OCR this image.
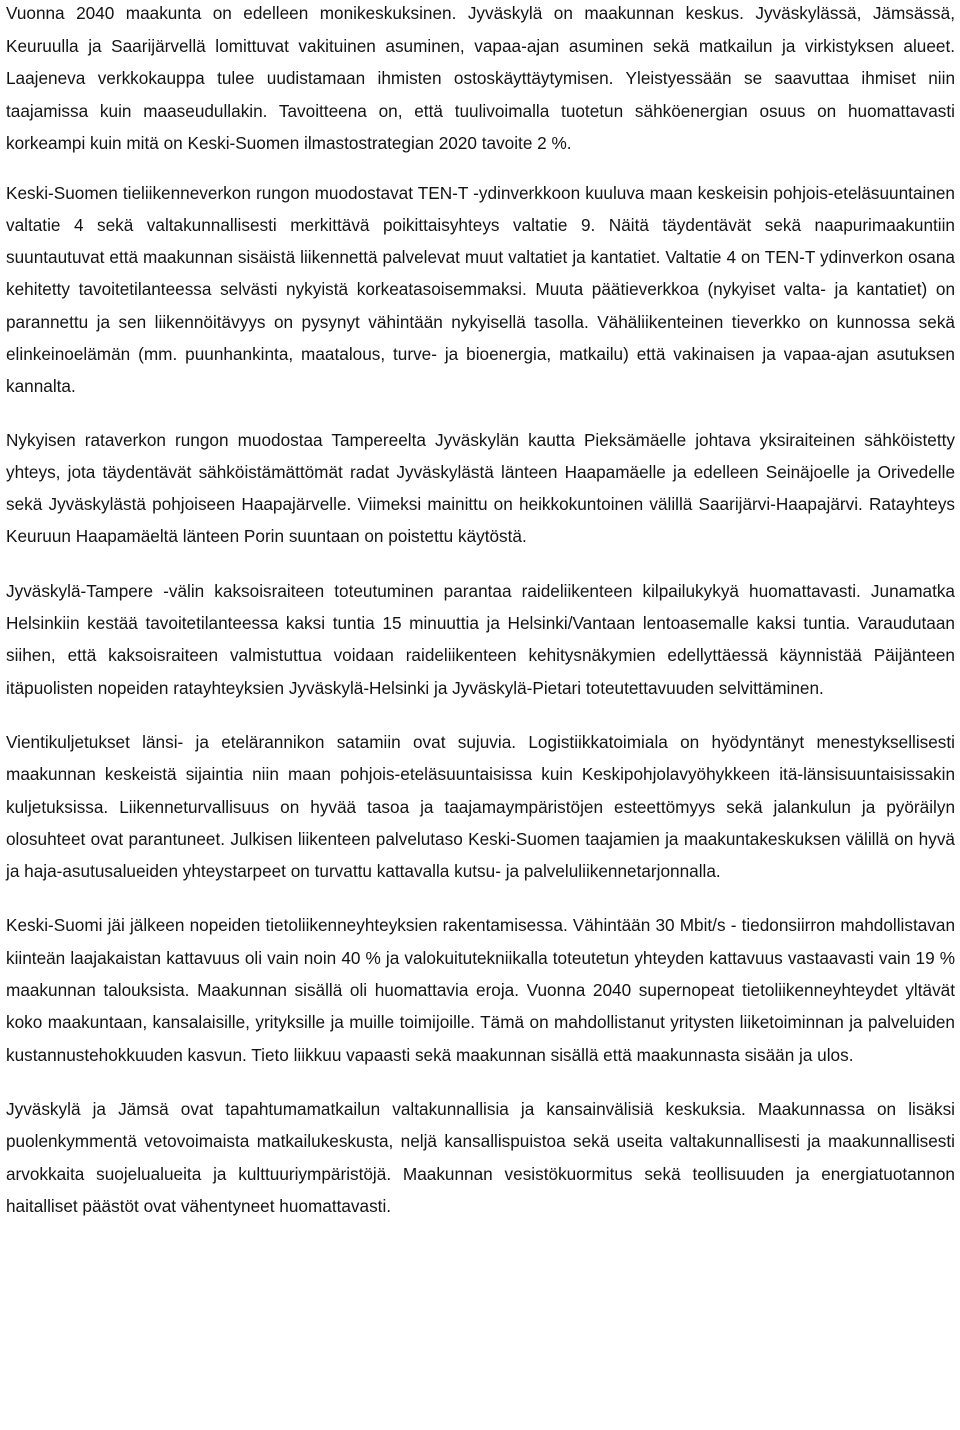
Vuonna 2040 maakunta on edelleen monikeskuksinen. Jyväskylä on maakunnan keskus. Jyväskylässä, Jämsässä, Keuruulla ja Saarijärvellä lomittuvat vakituinen asuminen, vapaa-ajan asuminen sekä matkailun ja virkistyksen alueet. Laajeneva verkkokauppa tulee uudistamaan ihmisten ostoskäyttäytymisen. Yleistyessään se saavuttaa ihmiset niin taajamissa kuin maaseudullakin. Tavoitteena on, että tuulivoimalla tuotetun sähköenergian osuus on huomattavasti korkeampi kuin mitä on Keski-Suomen ilmastostrategian 2020 tavoite 2 %.

Keski-Suomen tieliikenneverkon rungon muodostavat TEN-T -ydinverkkoon kuuluva maan keskeisin pohjois-eteläsuuntainen valtatie 4 sekä valtakunnallisesti merkittävä poikittaisyhteys valtatie 9. Näitä täydentävät sekä naapurimaakuntiin suuntautuvat että maakunnan sisäistä liikennettä palvelevat muut valtatiet ja kantatiet. Valtatie 4 on TEN-T ydinverkon osana kehitetty tavoitetilanteessa selvästi nykyistä korkeatasoisemmaksi. Muuta päätieverkkoa (nykyiset valta- ja kantatiet) on parannettu ja sen liikennöitävyys on pysynyt vähintään nykyisellä tasolla. Vähäliikenteinen tieverkko on kunnossa sekä elinkeinoelämän (mm. puunhankinta, maatalous, turve- ja bioenergia, matkailu) että vakinaisen ja vapaa-ajan asutuksen kannalta.

Nykyisen rataverkon rungon muodostaa Tampereelta Jyväskylän kautta Pieksämäelle johtava yksiraiteinen sähköistetty yhteys, jota täydentävät sähköistämättömät radat Jyväskylästä länteen Haapamäelle ja edelleen Seinäjoelle ja Orivedelle sekä Jyväskylästä pohjoiseen Haapajärvelle. Viimeksi mainittu on heikkokuntoinen välillä Saarijärvi-Haapajärvi. Ratayhteys Keuruun Haapamäeltä länteen Porin suuntaan on poistettu käytöstä.

Jyväskylä-Tampere -välin kaksoisraiteen toteutuminen parantaa raideliikenteen kilpailukykyä huomattavasti. Junamatka Helsinkiin kestää tavoitetilanteessa kaksi tuntia 15 minuuttia ja Helsinki/Vantaan lentoasemalle kaksi tuntia. Varaudutaan siihen, että kaksoisraiteen valmistuttua voidaan raideliikenteen kehitysnäkymien edellyttäessä käynnistää Päijänteen itäpuolisten nopeiden ratayhteyksien Jyväskylä-Helsinki ja Jyväskylä-Pietari toteutettavuuden selvittäminen.

Vientikuljetukset länsi- ja etelärannikon satamiin ovat sujuvia. Logistiikkatoimiala on hyödyntänyt menestyksellisesti maakunnan keskeistä sijaintia niin maan pohjois-eteläsuuntaisissa kuin Keskipohjolavyöhykkeen itä-länsisuuntaisissakin kuljetuksissa. Liikenneturvallisuus on hyvää tasoa ja taajamaympäristöjen esteettömyys sekä jalankulun ja pyöräilyn olosuhteet ovat parantuneet. Julkisen liikenteen palvelutaso Keski-Suomen taajamien ja maakuntakeskuksen välillä on hyvä ja haja-asutusalueiden yhteystarpeet on turvattu kattavalla kutsu- ja palveluliikennetarjonnalla.

Keski-Suomi jäi jälkeen nopeiden tietoliikenneyhteyksien rakentamisessa. Vähintään 30 Mbit/s - tiedonsiirron mahdollistavan kiinteän laajakaistan kattavuus oli vain noin 40 % ja valokuitutekniikalla toteutetun yhteyden kattavuus vastaavasti vain 19 % maakunnan talouksista. Maakunnan sisällä oli huomattavia eroja. Vuonna 2040 supernopeat tietoliikenneyhteydet yltävät koko maakuntaan, kansalaisille, yrityksille ja muille toimijoille. Tämä on mahdollistanut yritysten liiketoiminnan ja palveluiden kustannustehokkuuden kasvun. Tieto liikkuu vapaasti sekä maakunnan sisällä että maakunnasta sisään ja ulos.

Jyväskylä ja Jämsä ovat tapahtumamatkailun valtakunnallisia ja kansainvälisiä keskuksia. Maakunnassa on lisäksi puolenkymmentä vetovoimaista matkailukeskusta, neljä kansallispuistoa sekä useita valtakunnallisesti ja maakunnallisesti arvokkaita suojelualueita ja kulttuuriympäristöjä. Maakunnan vesistökuormitus sekä teollisuuden ja energiatuotannon haitalliset päästöt ovat vähentyneet huomattavasti.
